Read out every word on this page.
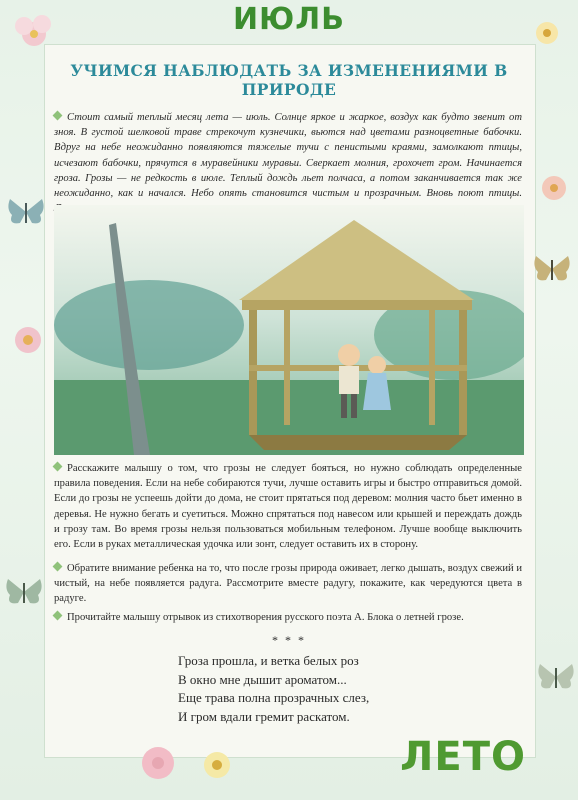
ИЮЛЬ
УЧИМСЯ НАБЛЮДАТЬ ЗА ИЗМЕНЕНИЯМИ В ПРИРОДЕ
Стоит самый теплый месяц лета — июль. Солнце яркое и жаркое, воздух как будто звенит от зноя. В густой шелковой траве стрекочут кузнечики, вьются над цветами разноцветные бабочки. Вдруг на небе неожиданно появляются тяжелые тучи с пенистыми краями, замолкают птицы, исчезают бабочки, прячутся в муравейники муравьи. Сверкает молния, грохочет гром. Начинается гроза. Грозы — не редкость в июле. Теплый дождь льет полчаса, а потом заканчивается так же неожиданно, как и начался. Небо опять становится чистым и прозрачным. Вновь поют птицы.
Расскажите малышу о том, что грозы не следует бояться, но нужно соблюдать определенные правила поведения. Если на небе собираются тучи, лучше оставить игры и быстро отправиться домой. Если до грозы не успеешь дойти до дома, не стоит прятаться под деревом: молния часто бьет именно в деревья. Не нужно бегать и суетиться. Можно спрятаться под навесом или крышей и переждать дождь и грозу там. Во время грозы нельзя пользоваться мобильным телефоном. Лучше вообще выключить его. Если в руках металлическая удочка или зонт, следует оставить их в сторону.
Обратите внимание ребенка на то, что после грозы природа оживает, легко дышать, воздух свежий и чистый, на небе появляется радуга. Рассмотрите вместе радугу, покажите, как чередуются цвета в радуге.
Прочитайте малышу отрывок из стихотворения русского поэта А. Блока о летней грозе.
* * *
Гроза прошла, и ветка белых роз
В окно мне дышит ароматом...
Еще трава полна прозрачных слез,
И гром вдали гремит раскатом.
ЛЕТО
